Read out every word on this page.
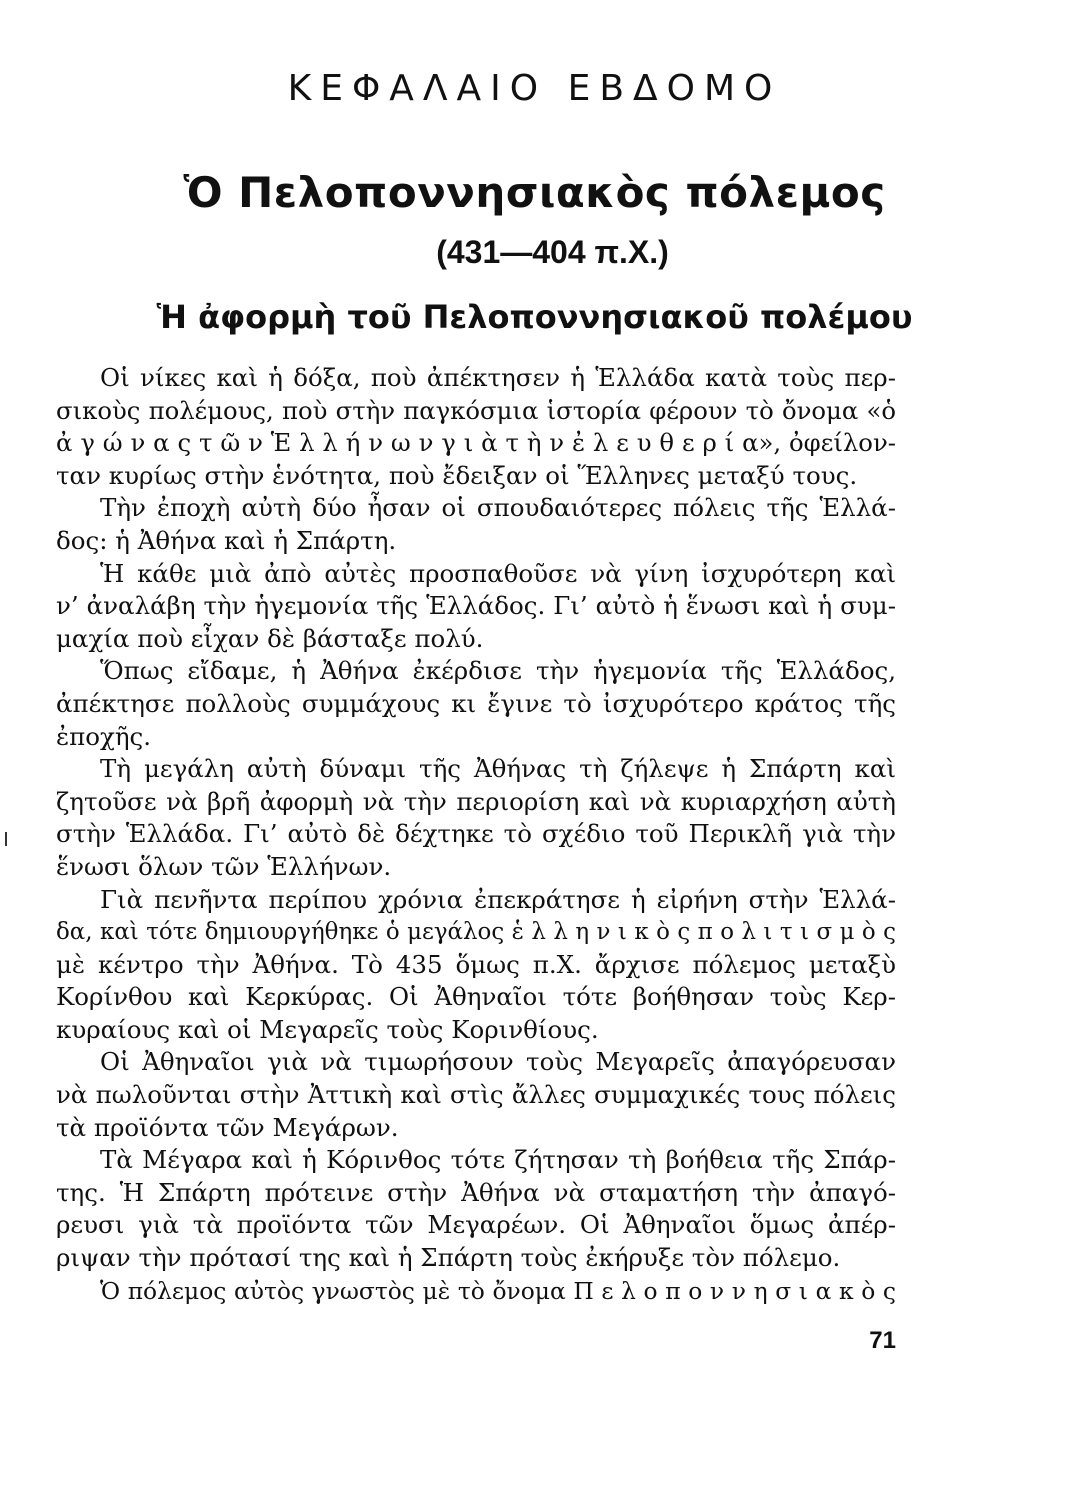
ΚΕΦΑΛΑΙΟ ΕΒΔΟΜΟ
Ὁ Πελοποννησιακὸς πόλεμος
(431—404 π.Χ.)
Ἡ ἀφορμὴ τοῦ Πελοποννησιακοῦ πολέμου
Οἱ νίκες καὶ ἡ δόξα, ποὺ ἀπέκτησεν ἡ Ἑλλάδα κατὰ τοὺς περ-
σικοὺς πολέμους, ποὺ στὴν παγκόσμια ἱστορία φέρουν τὸ ὄνομα «ὁ
ἀ γ ώ ν α ς τ ῶ ν Ἑ λ λ ή ν ω ν γ ι ὰ τ ὴ ν ἐ λ ε υ θ ε ρ ί α», ὀφείλον-
ταν κυρίως στὴν ἑνότητα, ποὺ ἔδειξαν οἱ Ἕλληνες μεταξύ τους.
Τὴν ἐποχὴ αὐτὴ δύο ἦσαν οἱ σπουδαιότερες πόλεις τῆς Ἑλλά-
δος: ἡ Ἀθήνα καὶ ἡ Σπάρτη.
Ἡ κάθε μιὰ ἀπὸ αὐτὲς προσπαθοῦσε νὰ γίνη ἰσχυρότερη καὶ
ν’ ἀναλάβη τὴν ἡγεμονία τῆς Ἑλλάδος. Γι’ αὐτὸ ἡ ἕνωσι καὶ ἡ συμ-
μαχία ποὺ εἶχαν δὲ βάσταξε πολύ.
Ὅπως εἴδαμε, ἡ Ἀθήνα ἐκέρδισε τὴν ἡγεμονία τῆς Ἑλλάδος,
ἀπέκτησε πολλοὺς συμμάχους κι ἔγινε τὸ ἰσχυρότερο κράτος τῆς
ἐποχῆς.
Τὴ μεγάλη αὐτὴ δύναμι τῆς Ἀθήνας τὴ ζήλεψε ἡ Σπάρτη καὶ
ζητοῦσε νὰ βρῆ ἀφορμὴ νὰ τὴν περιορίση καὶ νὰ κυριαρχήση αὐτὴ
στὴν Ἑλλάδα. Γι’ αὐτὸ δὲ δέχτηκε τὸ σχέδιο τοῦ Περικλῆ γιὰ τὴν
ἕνωσι ὅλων τῶν Ἑλλήνων.
Γιὰ πενῆντα περίπου χρόνια ἐπεκράτησε ἡ εἰρήνη στὴν Ἑλλά-
δα, καὶ τότε δημιουργήθηκε ὁ μεγάλος ἑ λ λ η ν ι κ ὸ ς π ο λ ι τ ι σ μ ὸ ς
μὲ κέντρο τὴν Ἀθήνα. Τὸ 435 ὅμως π.Χ. ἄρχισε πόλεμος μεταξὺ
Κορίνθου καὶ Κερκύρας. Οἱ Ἀθηναῖοι τότε βοήθησαν τοὺς Κερ-
κυραίους καὶ οἱ Μεγαρεῖς τοὺς Κορινθίους.
Οἱ Ἀθηναῖοι γιὰ νὰ τιμωρήσουν τοὺς Μεγαρεῖς ἀπαγόρευσαν
νὰ πωλοῦνται στὴν Ἀττικὴ καὶ στὶς ἄλλες συμμαχικές τους πόλεις
τὰ προϊόντα τῶν Μεγάρων.
Τὰ Μέγαρα καὶ ἡ Κόρινθος τότε ζήτησαν τὴ βοήθεια τῆς Σπάρ-
της. Ἡ Σπάρτη πρότεινε στὴν Ἀθήνα νὰ σταματήση τὴν ἀπαγό-
ρευσι γιὰ τὰ προϊόντα τῶν Μεγαρέων. Οἱ Ἀθηναῖοι ὅμως ἀπέρ-
ριψαν τὴν πρότασί της καὶ ἡ Σπάρτη τοὺς ἐκήρυξε τὸν πόλεμο.
Ὁ πόλεμος αὐτὸς γνωστὸς μὲ τὸ ὄνομα Π ε λ ο π ο ν ν η σ ι α κ ὸ ς
71
